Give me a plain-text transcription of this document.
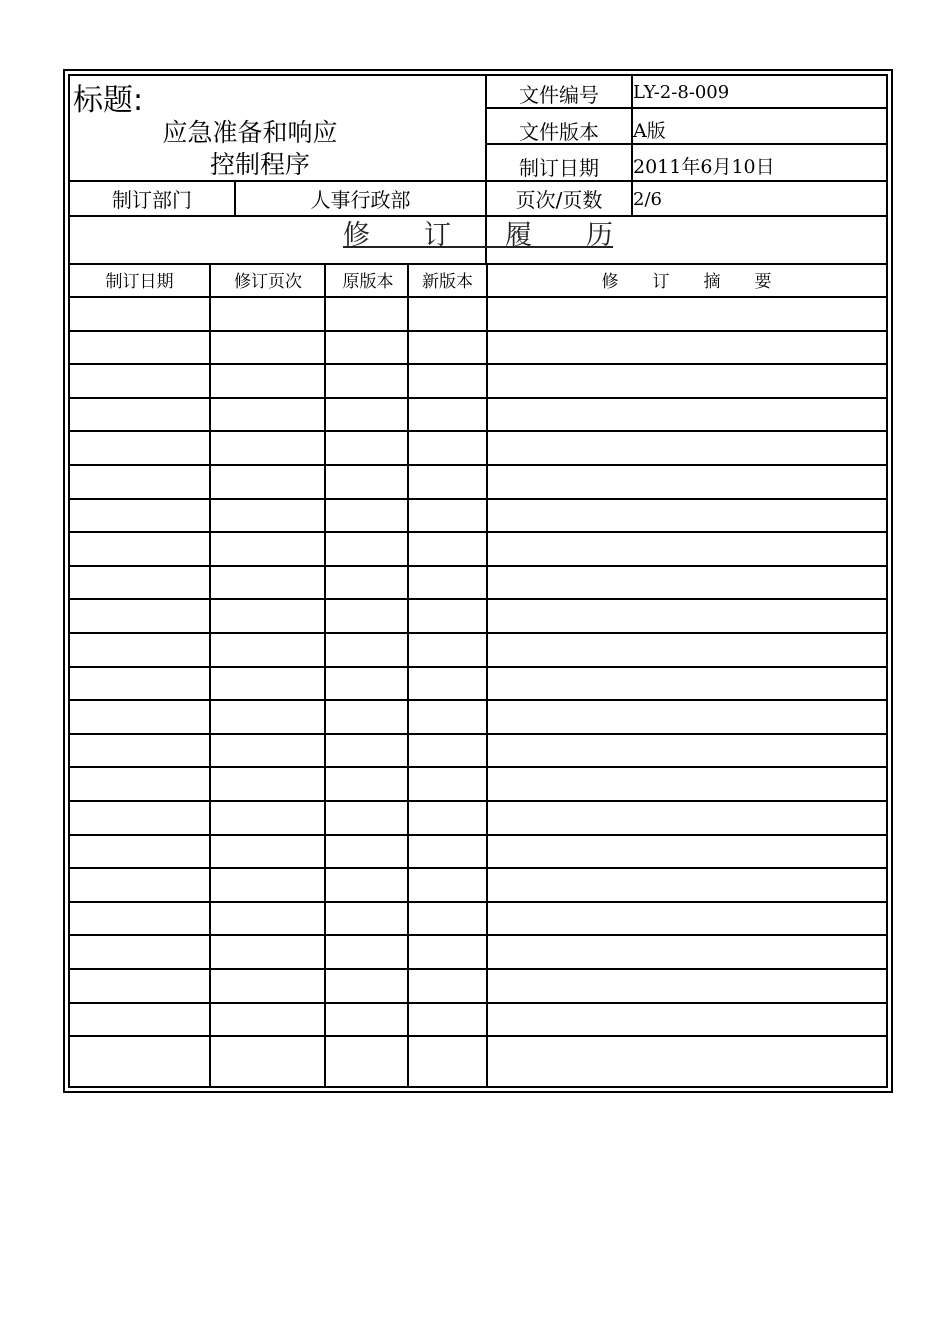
标题:
应急准备和响应
控制程序
文件编号	LY-2-8-009
文件版本	A版
制订日期	2011年6月10日
制订部门	人事行政部	页次/页数	2/6
修　　订　　履　　历
制订日期	修订页次	原版本	新版本	修　　订　　摘　　要
